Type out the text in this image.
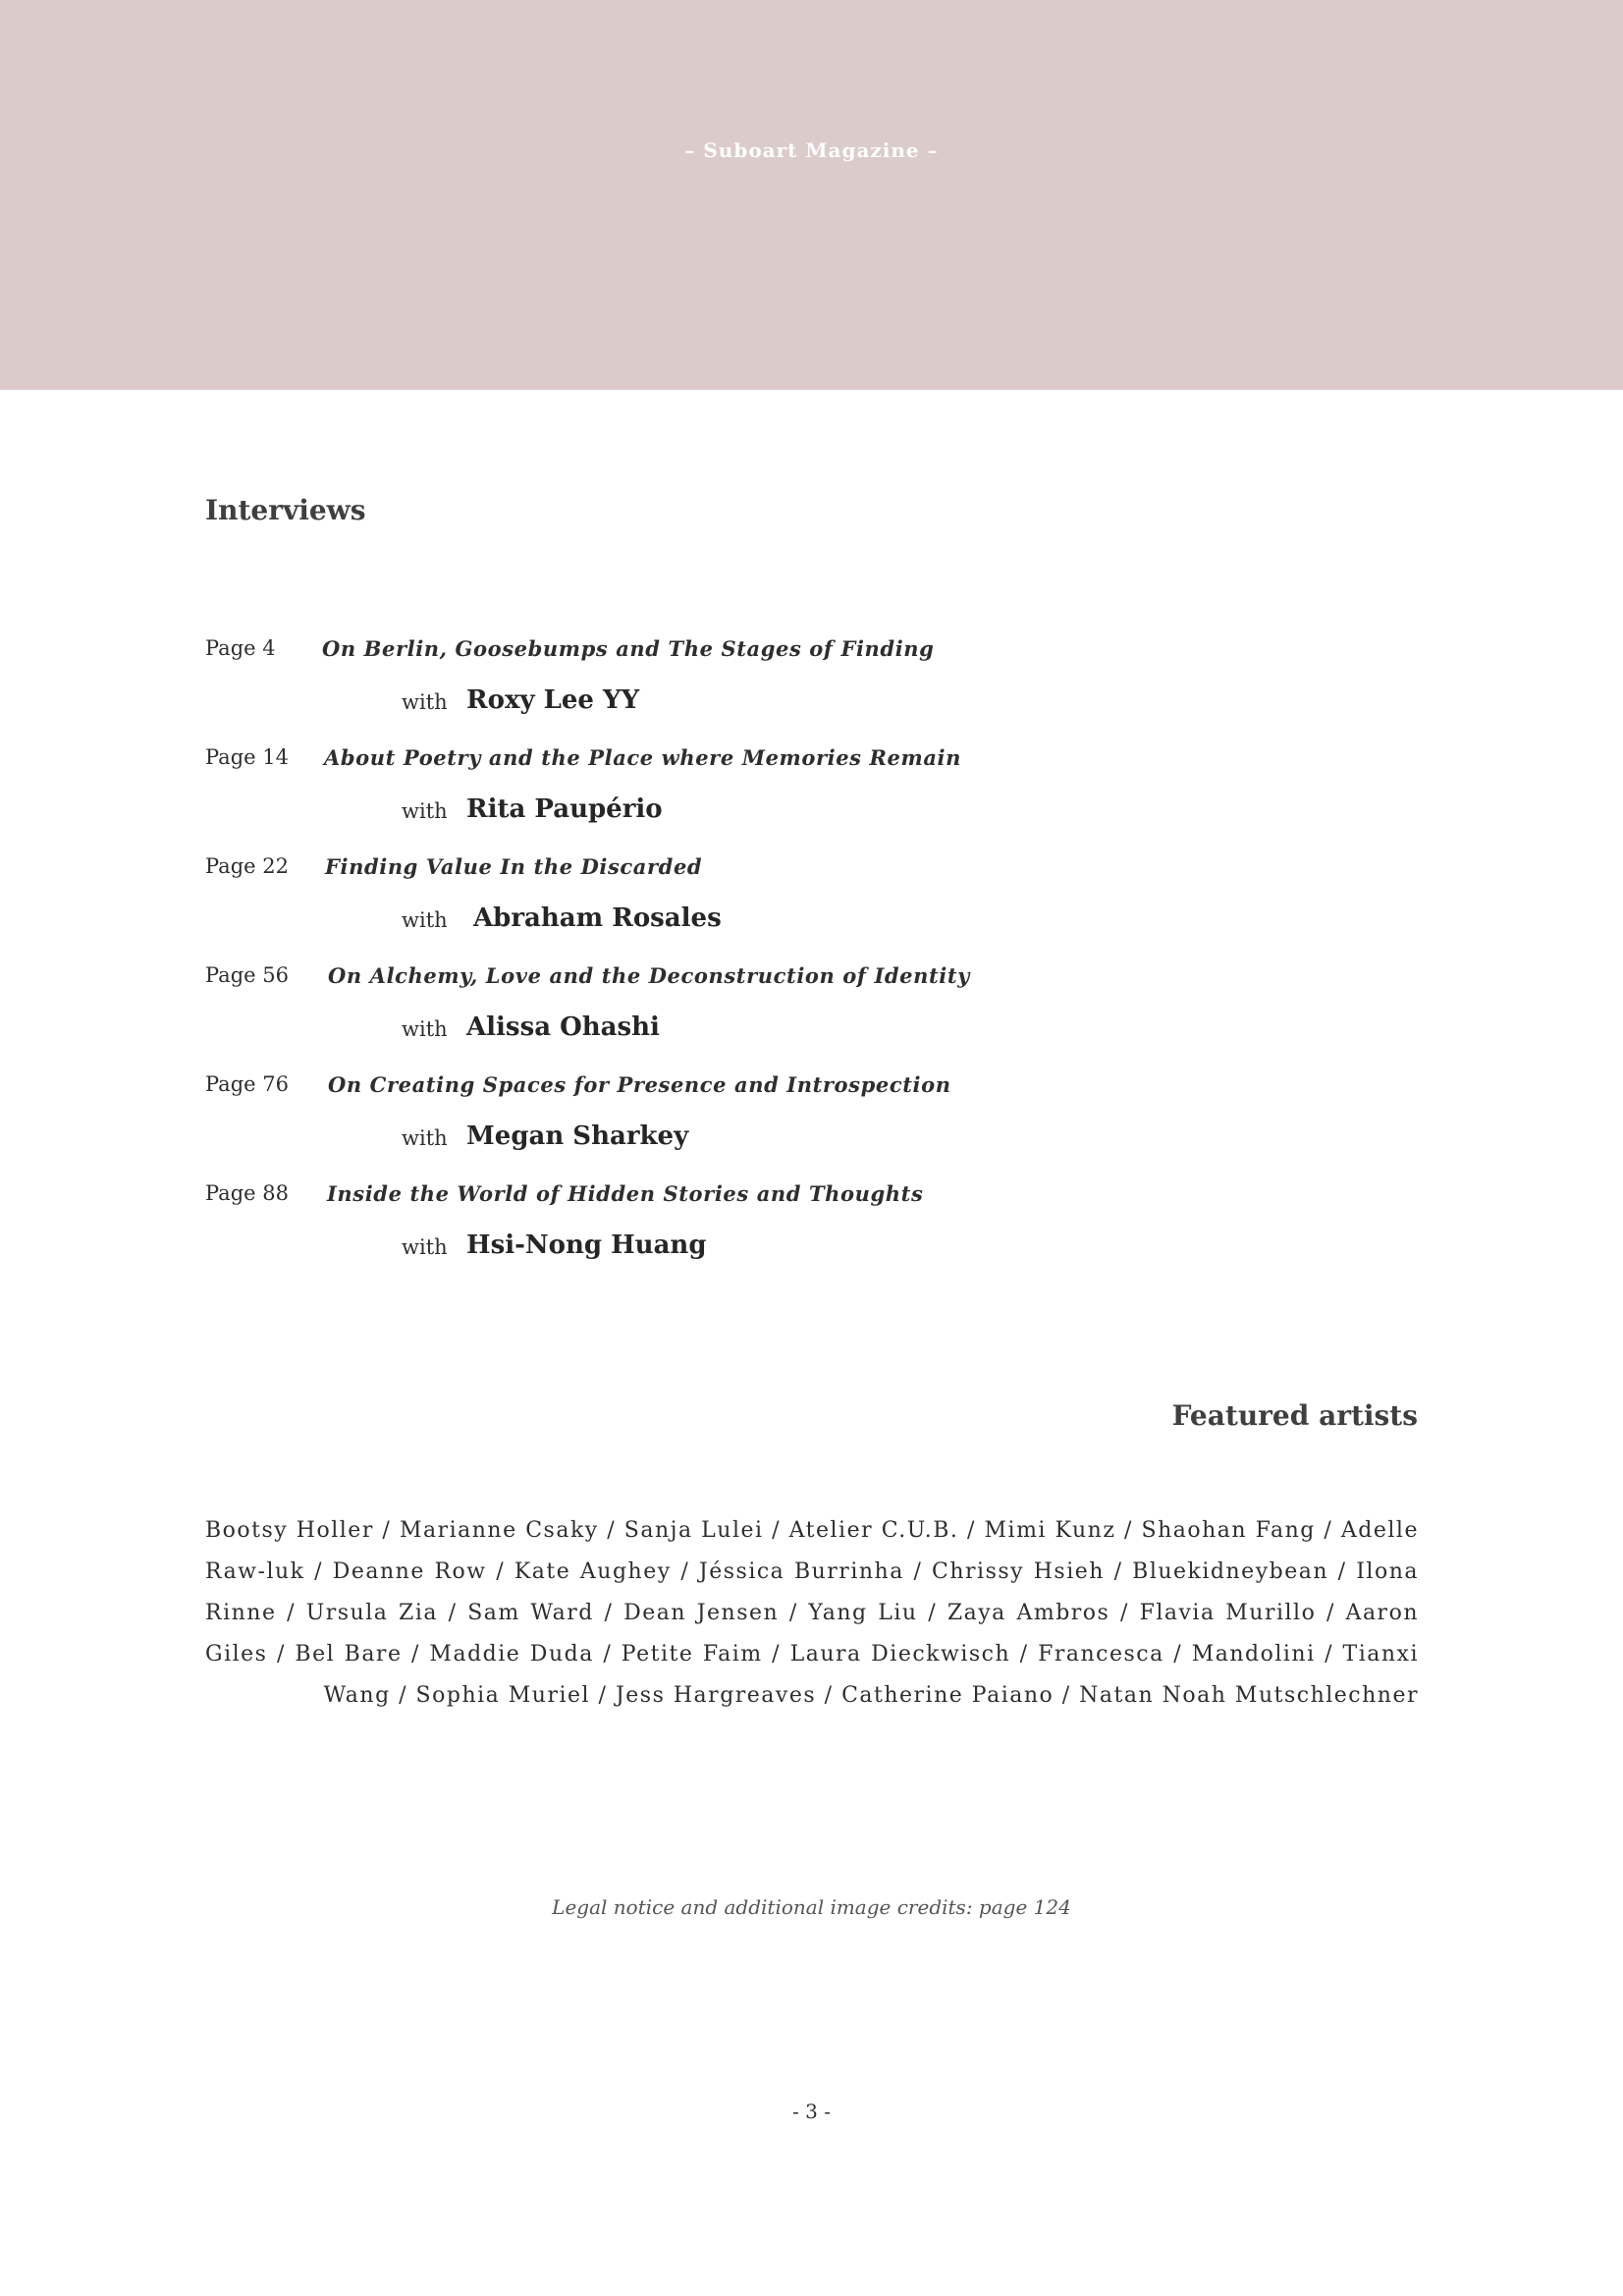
– Suboart Magazine –
Interviews
Page 4 On Berlin, Goosebumps and The Stages of Finding
with Roxy Lee YY
Page 14 About Poetry and the Place where Memories Remain
with Rita Paupério
Page 22 Finding Value In the Discarded
with Abraham Rosales
Page 56 On Alchemy, Love and the Deconstruction of Identity
with Alissa Ohashi
Page 76 On Creating Spaces for Presence and Introspection
with Megan Sharkey
Page 88 Inside the World of Hidden Stories and Thoughts
with Hsi-Nong Huang
Featured artists
Bootsy Holler / Marianne Csaky / Sanja Lulei / Atelier C.U.B. / Mimi Kunz / Shaohan Fang / Adelle Raw-luk / Deanne Row / Kate Aughey / Jéssica Burrinha / Chrissy Hsieh / Bluekidneybean / Ilona Rinne / Ursula Zia / Sam Ward / Dean Jensen / Yang Liu / Zaya Ambros / Flavia Murillo / Aaron Giles / Bel Bare / Maddie Duda / Petite Faim / Laura Dieckwisch / Francesca / Mandolini / Tianxi Wang / Sophia Muriel / Jess Hargreaves / Catherine Paiano / Natan Noah Mutschlechner
Legal notice and additional image credits: page 124
- 3 -
